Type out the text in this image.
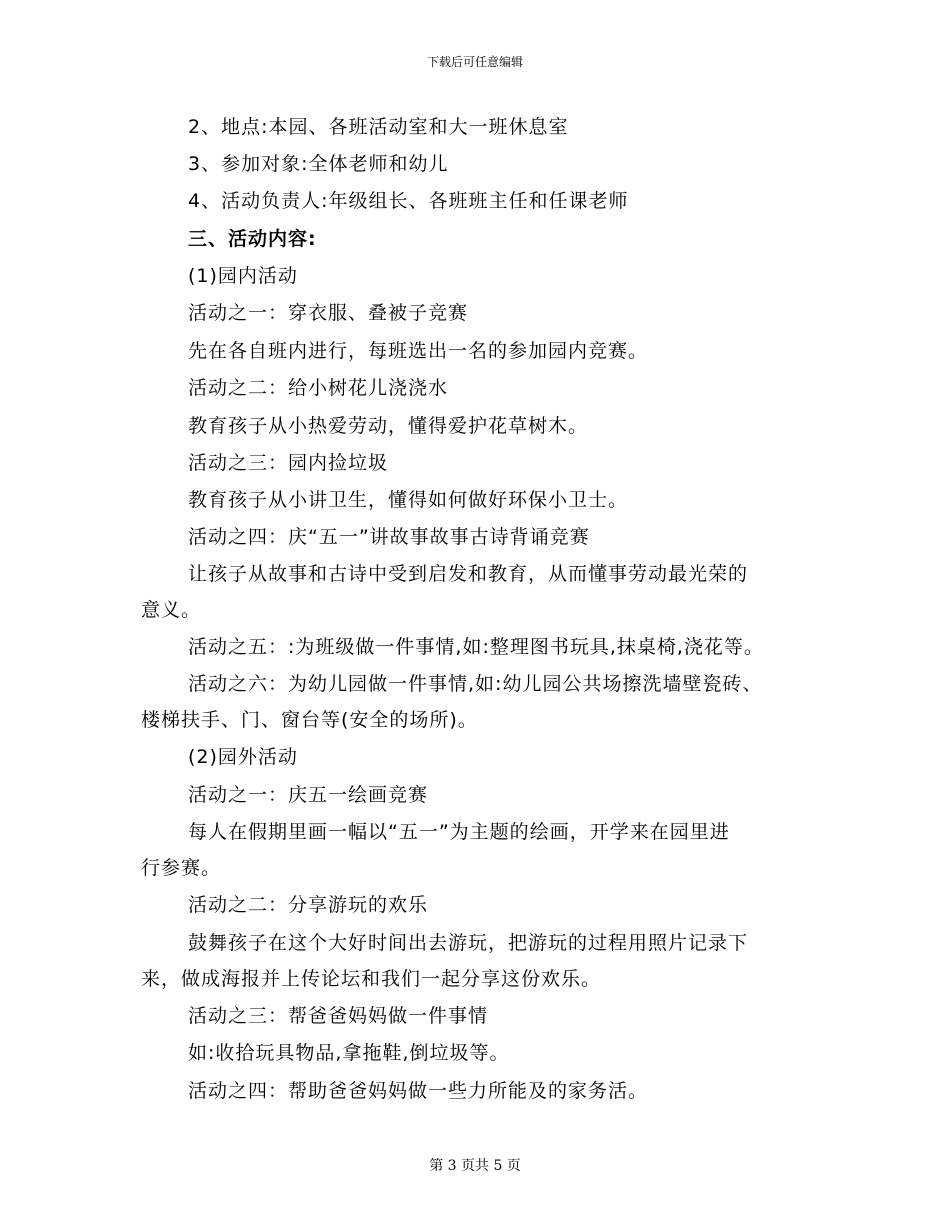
下载后可任意编辑
2、地点:本园、各班活动室和大一班休息室
3、参加对象:全体老师和幼儿
4、活动负责人:年级组长、各班班主任和任课老师
三、活动内容:
(1)园内活动
活动之一：穿衣服、叠被子竞赛
先在各自班内进行，每班选出一名的参加园内竞赛。
活动之二：给小树花儿浇浇水
教育孩子从小热爱劳动，懂得爱护花草树木。
活动之三：园内捡垃圾
教育孩子从小讲卫生，懂得如何做好环保小卫士。
活动之四：庆“五一”讲故事故事古诗背诵竞赛
让孩子从故事和古诗中受到启发和教育，从而懂事劳动最光荣的
意义。
活动之五：:为班级做一件事情,如:整理图书玩具,抹桌椅,浇花等。
活动之六：为幼儿园做一件事情,如:幼儿园公共场擦洗墙壁瓷砖、
楼梯扶手、门、窗台等(安全的场所)。
(2)园外活动
活动之一：庆五一绘画竞赛
每人在假期里画一幅以“五一”为主题的绘画，开学来在园里进
行参赛。
活动之二：分享游玩的欢乐
鼓舞孩子在这个大好时间出去游玩，把游玩的过程用照片记录下
来，做成海报并上传论坛和我们一起分享这份欢乐。
活动之三：帮爸爸妈妈做一件事情
如:收拾玩具物品,拿拖鞋,倒垃圾等。
活动之四：帮助爸爸妈妈做一些力所能及的家务活。
第 3 页共 5 页
